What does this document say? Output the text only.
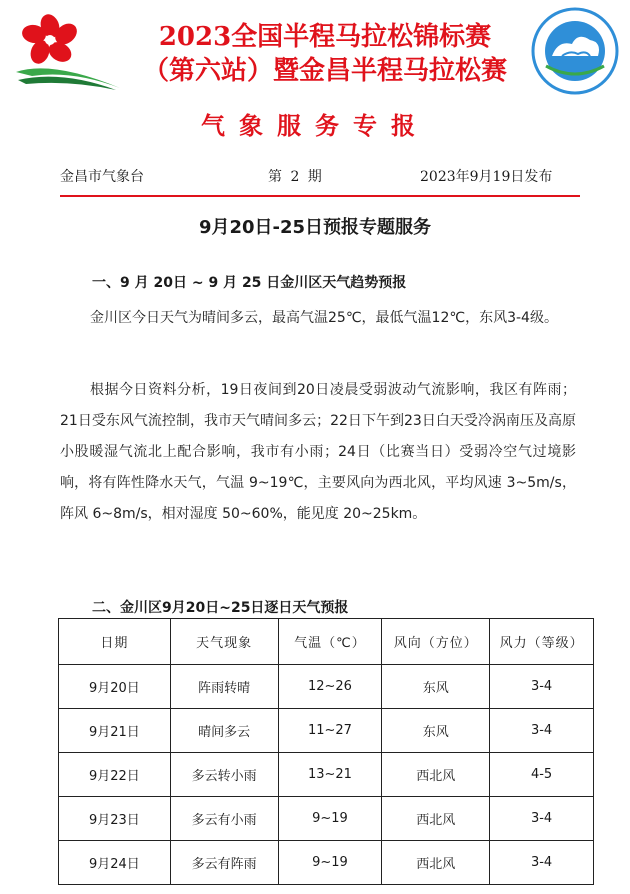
2023全国半程马拉松锦标赛
（第六站）暨金昌半程马拉松赛
气象服务专报
金昌市气象台	第 2 期	2023年9月19日发布
9月20日-25日预报专题服务
一、9 月 20日 ~ 9 月 25 日金川区天气趋势预报
金川区今日天气为晴间多云，最高气温25℃，最低气温12℃，东风3-4级。
根据今日资料分析，19日夜间到20日凌晨受弱波动气流影响，我区有阵雨；21日受东风气流控制，我市天气晴间多云；22日下午到23日白天受冷涡南压及高原小股暖湿气流北上配合影响，我市有小雨；24日（比赛当日）受弱冷空气过境影响，将有阵性降水天气，气温 9~19℃，主要风向为西北风，平均风速 3~5m/s，阵风 6~8m/s，相对湿度 50~60%，能见度 20~25km。
二、金川区9月20日~25日逐日天气预报
日期	天气现象	气温（℃）	风向（方位）	风力（等级）
9月20日	阵雨转晴	12~26	东风	3-4
9月21日	晴间多云	11~27	东风	3-4
9月22日	多云转小雨	13~21	西北风	4-5
9月23日	多云有小雨	9~19	西北风	3-4
9月24日	多云有阵雨	9~19	西北风	3-4
